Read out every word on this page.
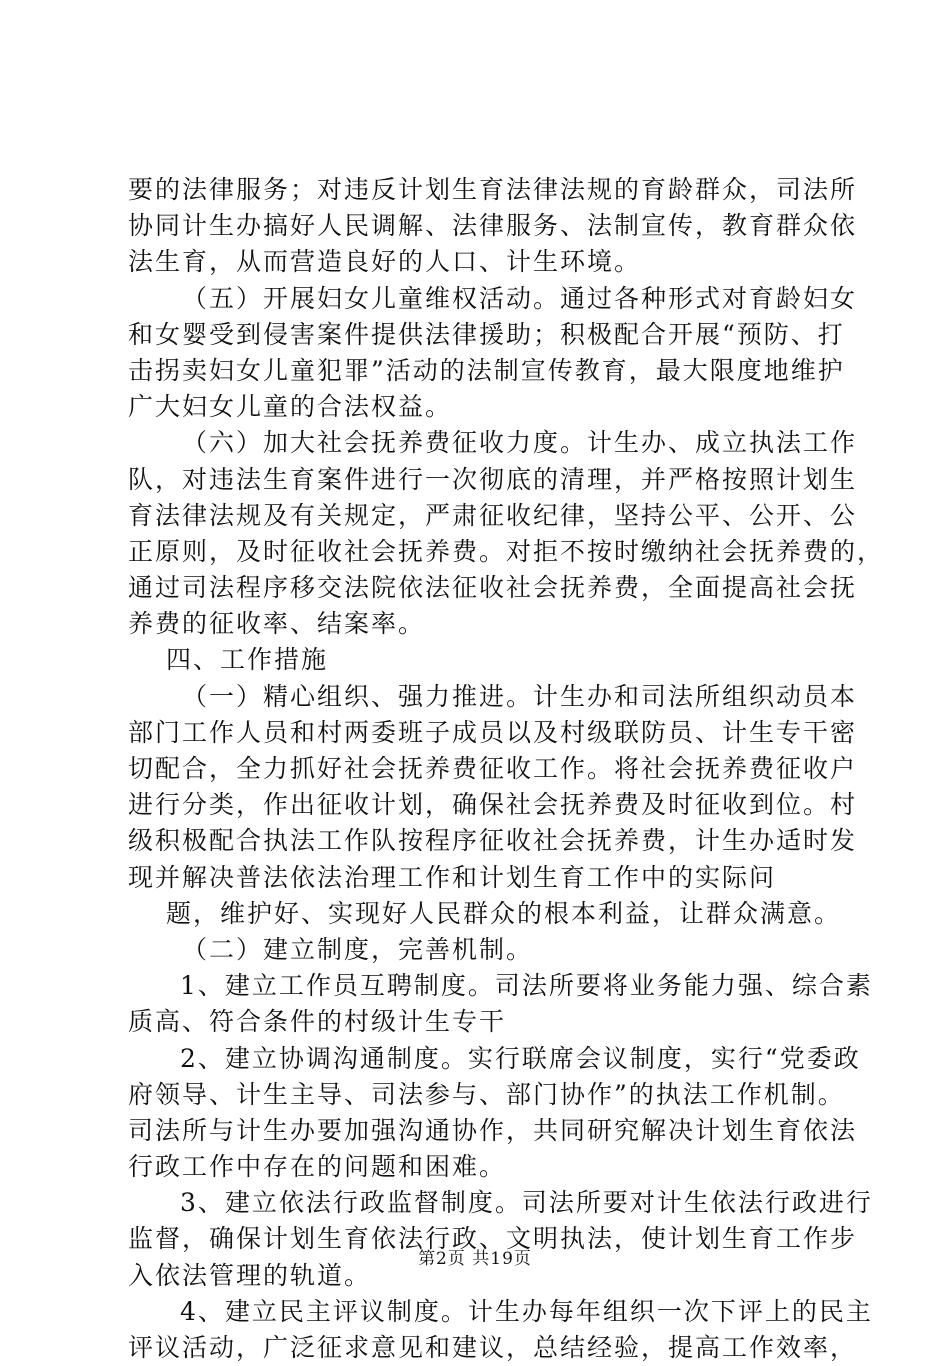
要的法律服务；对违反计划生育法律法规的育龄群众，司法所
协同计生办搞好人民调解、法律服务、法制宣传，教育群众依
法生育，从而营造良好的人口、计生环境。
（五）开展妇女儿童维权活动。通过各种形式对育龄妇女
和女婴受到侵害案件提供法律援助；积极配合开展“预防、打
击拐卖妇女儿童犯罪”活动的法制宣传教育，最大限度地维护
广大妇女儿童的合法权益。
（六）加大社会抚养费征收力度。计生办、成立执法工作
队，对违法生育案件进行一次彻底的清理，并严格按照计划生
育法律法规及有关规定，严肃征收纪律，坚持公平、公开、公
正原则，及时征收社会抚养费。对拒不按时缴纳社会抚养费的，
通过司法程序移交法院依法征收社会抚养费，全面提高社会抚
养费的征收率、结案率。
四、工作措施
（一）精心组织、强力推进。计生办和司法所组织动员本
部门工作人员和村两委班子成员以及村级联防员、计生专干密
切配合，全力抓好社会抚养费征收工作。将社会抚养费征收户
进行分类，作出征收计划，确保社会抚养费及时征收到位。村
级积极配合执法工作队按程序征收社会抚养费，计生办适时发
现并解决普法依法治理工作和计划生育工作中的实际问
题，维护好、实现好人民群众的根本利益，让群众满意。
（二）建立制度，完善机制。
1、建立工作员互聘制度。司法所要将业务能力强、综合素
质高、符合条件的村级计生专干
2、建立协调沟通制度。实行联席会议制度，实行“党委政
府领导、计生主导、司法参与、部门协作”的执法工作机制。
司法所与计生办要加强沟通协作，共同研究解决计划生育依法
行政工作中存在的问题和困难。
3、建立依法行政监督制度。司法所要对计生依法行政进行
监督，确保计划生育依法行政、文明执法，使计划生育工作步
入依法管理的轨道。
4、建立民主评议制度。计生办每年组织一次下评上的民主
评议活动，广泛征求意见和建议，总结经验，提高工作效率，
第2页 共19页
